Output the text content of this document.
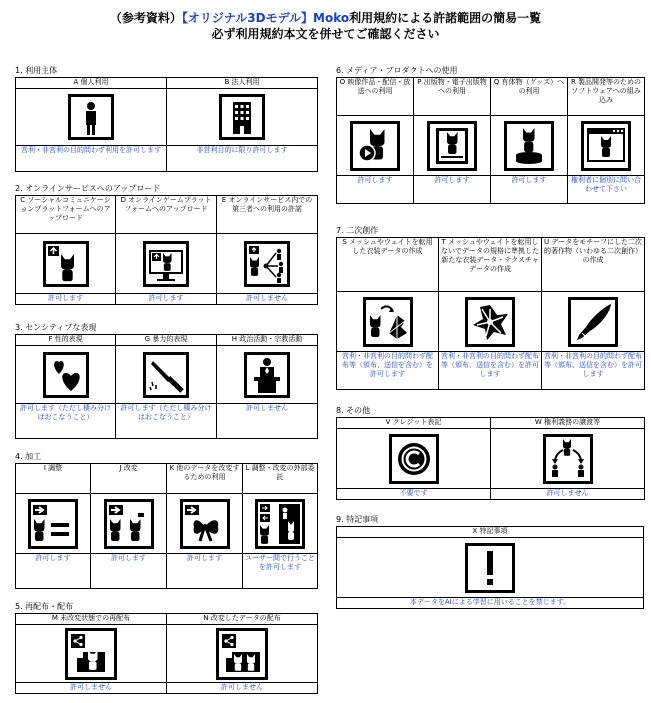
（参考資料）【オリジナル3Dモデル】Moko利用規約による許諾範囲の簡易一覧
必ず利用規約本文を併せてご確認ください
1. 利用主体
A 個人利用	B 法人利用

営利・非営利の目的問わず利用を許可します	非営利目的に限り許可します
2. オンラインサービスへのアップロード
C ソーシャルコミュニケーションプラットフォームへのアップロード	D オンラインゲームプラットフォームへのアップロード	E オンラインサービス内での第三者への利用の許諾

許可します	許可します	許可しません
3. センシティブな表現
F 性的表現	G 暴力的表現	H 政治活動・宗教活動

許可します（ただし棲み分けはおこなうこと）	許可します（ただし棲み分けはおこなうこと）	許可しません
4. 加工
I 調整	J 改変	K 他のデータを改変するための利用	L 調整・改変の外部委託

許可します	許可します	許可します	ユーザー間で行うことを許可します
5. 再配布・配布
M 未改変状態での再配布	N 改変したデータの配布

許可しません	許可しません
6. メディア・プロダクトへの使用
O 映像作品・配信・放送への利用	P 出版物・電子出版物への利用	Q 有体物（グッズ）への利用	R 製品開発等のためのソフトウェアへの組み込み

許可します	許可します	許可します	権利者に個別に問い合わせて下さい
7. 二次創作
S メッシュやウェイトを転用した衣装データの作成	T メッシュやウェイトを転用しないでデータの規格に準拠した新たな衣装データ・テクスチャデータの作成	U データをモチーフにした二次的著作物（いわゆる二次創作）の作成

営利・非営利の目的問わず配布等（頒布、送信を含む）を許可します	営利・非営利の目的問わず配布等（頒布、送信を含む）を許可します	営利・非営利の目的問わず配布等（頒布、送信を含む）を許可します
8. その他
V クレジット表記	W 権利義務の譲渡等

不要です	許可しません
9. 特記事項
X 特記事項

本データをAIによる学習に用いることを禁じます。
